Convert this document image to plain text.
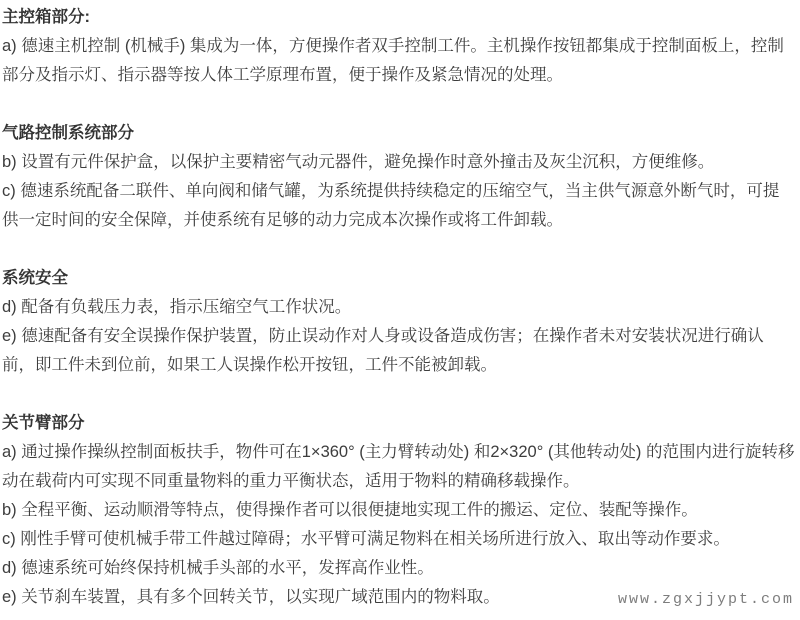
主控箱部分:

a) 德速主机控制 (机械手) 集成为一体，方便操作者双手控制工件。主机操作按钮都集成于控制面板上，控制部分及指示灯、指示器等按人体工学原理布置，便于操作及紧急情况的处理。

气路控制系统部分

b) 设置有元件保护盒，以保护主要精密气动元器件，避免操作时意外撞击及灰尘沉积，方便维修。

c) 德速系统配备二联件、单向阀和储气罐，为系统提供持续稳定的压缩空气，当主供气源意外断气时，可提供一定时间的安全保障，并使系统有足够的动力完成本次操作或将工件卸载。

系统安全

d) 配备有负载压力表，指示压缩空气工作状况。

e) 德速配备有安全误操作保护装置，防止误动作对人身或设备造成伤害；在操作者未对安装状况进行确认前，即工件未到位前，如果工人误操作松开按钮，工件不能被卸载。

关节臂部分

a) 通过操作操纵控制面板扶手，物件可在1×360° (主力臂转动处) 和2×320° (其他转动处) 的范围内进行旋转移动在载荷内可实现不同重量物料的重力平衡状态，适用于物料的精确移载操作。

b) 全程平衡、运动顺滑等特点，使得操作者可以很便捷地实现工件的搬运、定位、装配等操作。

c) 刚性手臂可使机械手带工件越过障碍；水平臂可满足物料在相关场所进行放入、取出等动作要求。

d) 德速系统可始终保持机械手头部的水平，发挥高作业性。

e) 关节刹车装置，具有多个回转关节，以实现广域范围内的物料取。	www.zgxjjypt.com
